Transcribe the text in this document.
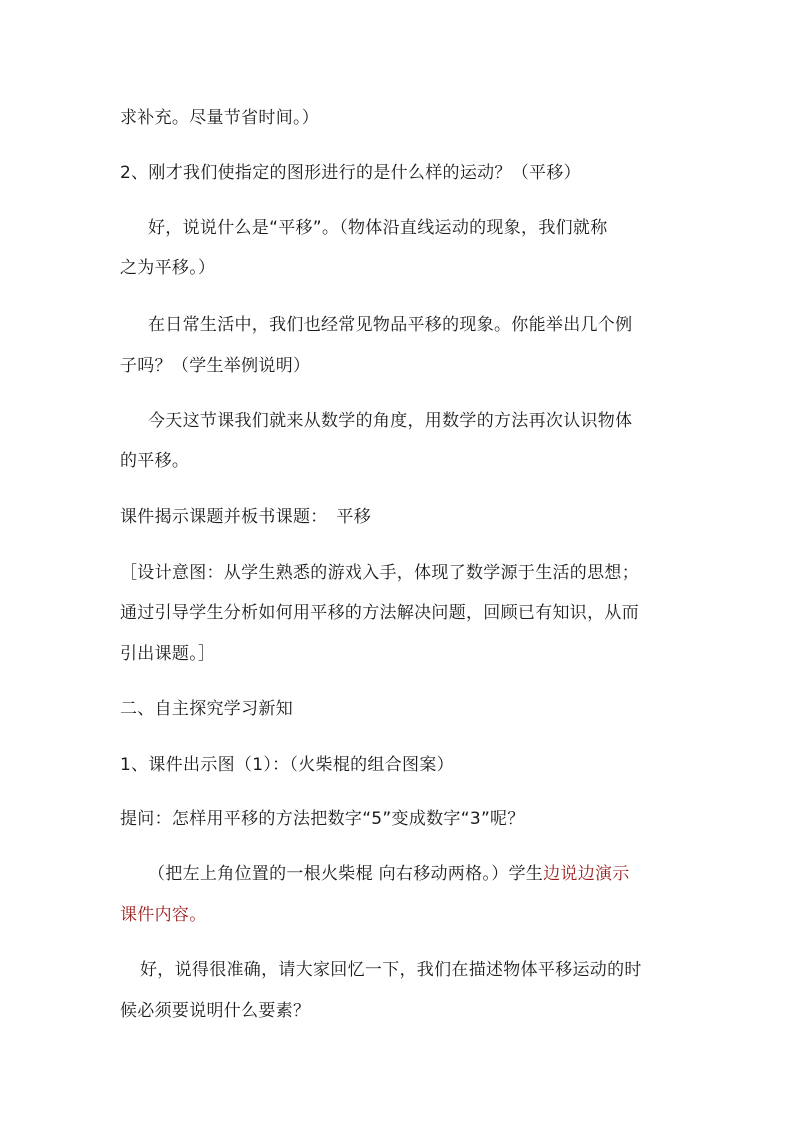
求补充。尽量节省时间。）
2、刚才我们使指定的图形进行的是什么样的运动？（平移）
好，说说什么是“平移”。（物体沿直线运动的现象，我们就称
之为平移。）
在日常生活中，我们也经常见物品平移的现象。你能举出几个例
子吗？（学生举例说明）
今天这节课我们就来从数学的角度，用数学的方法再次认识物体
的平移。
课件揭示课题并板书课题：　平移
［设计意图：从学生熟悉的游戏入手，体现了数学源于生活的思想；
通过引导学生分析如何用平移的方法解决问题，回顾已有知识，从而
引出课题。］
二、自主探究学习新知
1、课件出示图（1）：（火柴棍的组合图案）
提问：怎样用平移的方法把数字“5”变成数字“3”呢？
（把左上角位置的一根火柴棍 向右移动两格。）学生边说边演示
课件内容。
好，说得很准确，请大家回忆一下，我们在描述物体平移运动的时
候必须要说明什么要素？
